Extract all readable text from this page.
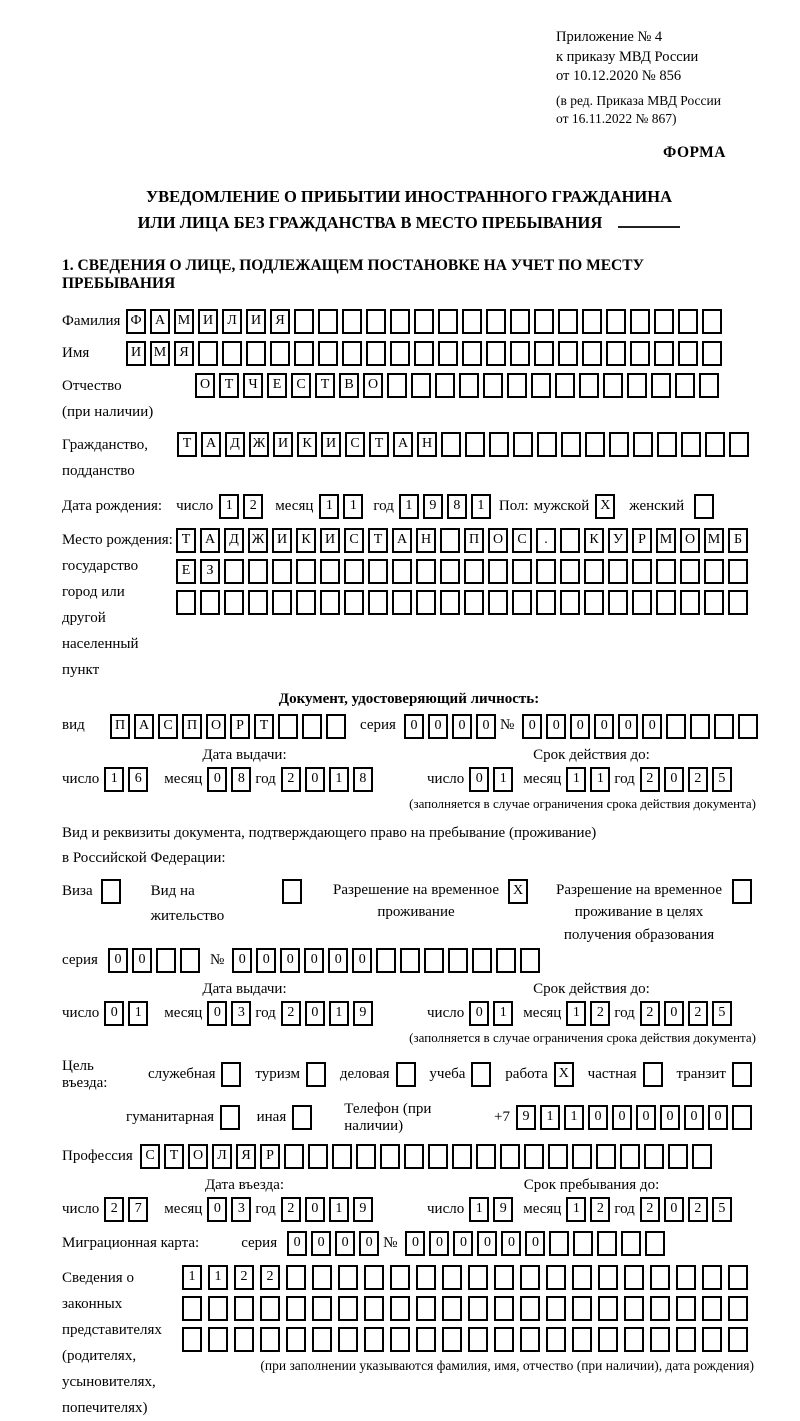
Приложение № 4
к приказу МВД России
от 10.12.2020 № 856
(в ред. Приказа МВД России
от 16.11.2022 № 867)
ФОРМА
УВЕДОМЛЕНИЕ О ПРИБЫТИИ ИНОСТРАННОГО ГРАЖДАНИНА
ИЛИ ЛИЦА БЕЗ ГРАЖДАНСТВА В МЕСТО ПРЕБЫВАНИЯ
1. СВЕДЕНИЯ О ЛИЦЕ, ПОДЛЕЖАЩЕМ ПОСТАНОВКЕ НА УЧЕТ ПО МЕСТУ ПРЕБЫВАНИЯ
Фамилия Ф А М И Л И Я
Имя	И М Я
Отчество
(при наличии)
О Т Ч Е С Т В О
Гражданство,
подданство
Т А Д Ж И К И С Т А Н
Дата рождения: число 1 2	месяц 1 1	год 1 9 8 1 Пол: мужской X	женский
Место рождения:
государство
город или другой
населенный пункт
Т А Д Ж И К И С Т А Н	П О С .	К У Р М О М Б
Е З
Документ, удостоверяющий личность:
вид	П А С П О Р Т	серия	0 0 0 0 №	0 0 0 0 0 0
Дата выдачи:	Срок действия до:
число 1 6	месяц 0 8 год 2 0 1 8	число 0 1	месяц 1 1 год 2 0 2 5
(заполняется в случае ограничения срока действия документа)
Вид и реквизиты документа, подтверждающего право на пребывание (проживание)
в Российской Федерации:
Виза	Вид на жительство
Разрешение на временное
проживание
X	Разрешение на временное
проживание в целях
получения образования
серия	0 0	№	0 0 0 0 0 0
Дата выдачи:	Срок действия до:
число 0 1	месяц 0 3 год 2 0 1 9	число 0 1	месяц 1 2 год 2 0 2 5
(заполняется в случае ограничения срока действия документа)
Цель въезда:
служебная	туризм	деловая	учеба	работа X	частная	транзит
гуманитарная	иная
Телефон (при наличии)
+7 9 1 1 0 0 0 0 0 0
Профессия С Т О Л Я Р
Дата въезда:	Срок пребывания до:
число 2 7	месяц 0 3 год 2 0 1 9	число 1 9	месяц 1 2 год 2 0 2 5
Миграционная карта:	серия	0 0 0 0 №	0 0 0 0 0 0
Сведения о
законных
представителях
(родителях,
усыновителях,
попечителях)
1 1 2 2
(при заполнении указываются фамилия, имя, отчество (при наличии), дата рождения)
